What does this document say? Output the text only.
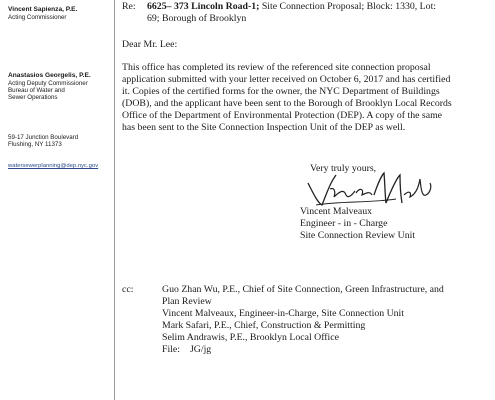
Vincent Sapienza, P.E.
Acting Commissioner
Anastasios Georgelis, P.E.
Acting Deputy Commissioner
Bureau of Water and
Sewer Operations
59-17 Junction Boulevard
Flushing, NY 11373
watersewerplanning@dep.nyc.gov
Re: 6625– 373 Lincoln Road-1; Site Connection Proposal; Block: 1330, Lot:
69; Borough of Brooklyn
Dear Mr. Lee:
This office has completed its review of the referenced site connection proposal
application submitted with your letter received on October 6, 2017 and has certified
it. Copies of the certified forms for the owner, the NYC Department of Buildings
(DOB), and the applicant have been sent to the Borough of Brooklyn Local Records
Office of the Department of Environmental Protection (DEP). A copy of the same
has been sent to the Site Connection Inspection Unit of the DEP as well.
Very truly yours,
Vincent Malveaux
Engineer - in - Charge
Site Connection Review Unit
cc:	Guo Zhan Wu, P.E., Chief of Site Connection, Green Infrastructure, and
Plan Review
Vincent Malveaux, Engineer-in-Charge, Site Connection Unit
Mark Safari, P.E., Chief, Construction & Permitting
Selim Andrawis, P.E., Brooklyn Local Office
File: JG/jg
